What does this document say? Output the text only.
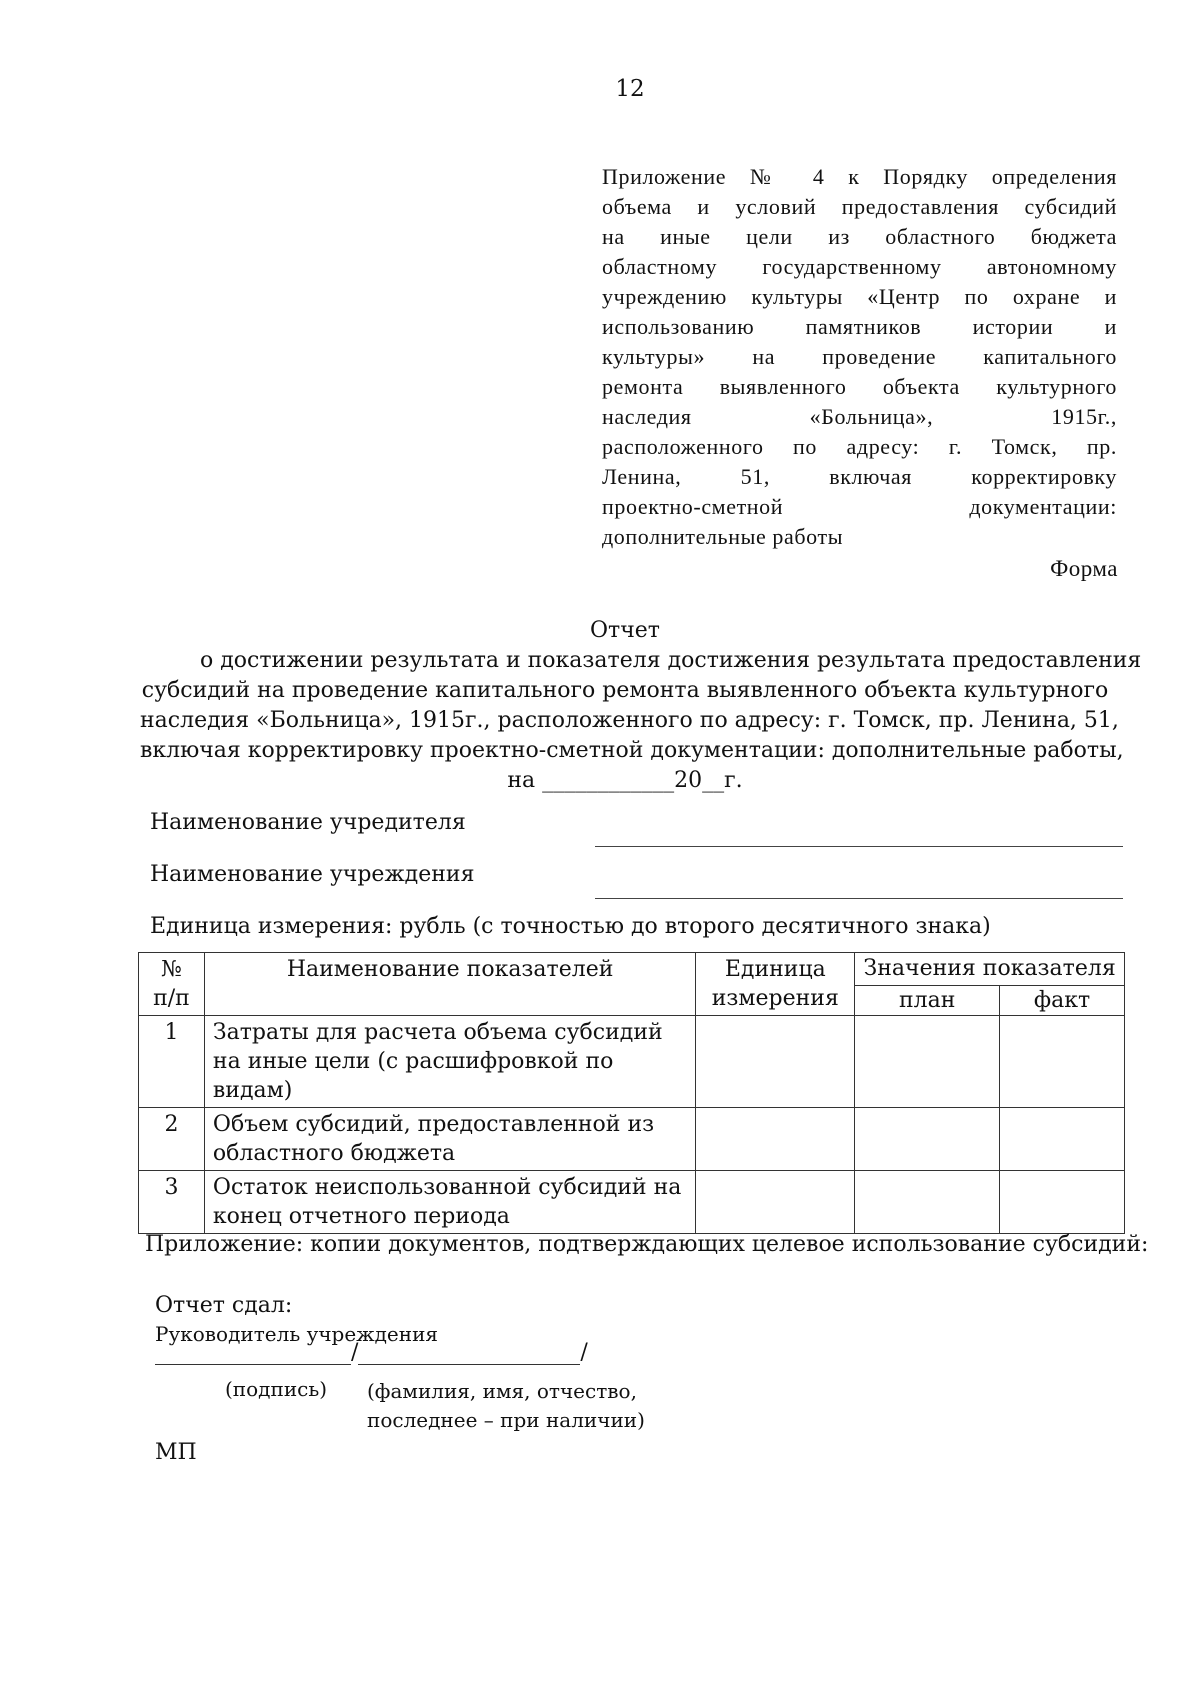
12
Приложение № 4 к Порядку определения
объема и условий предоставления субсидий
на иные цели из областного бюджета
областному государственному автономному
учреждению культуры «Центр по охране и
использованию памятников истории и
культуры» на проведение капитального
ремонта выявленного объекта культурного
наследия «Больница», 1915г.,
расположенного по адресу: г. Томск, пр.
Ленина, 51, включая корректировку
проектно-сметной документации:
дополнительные работы
Форма
Отчет
о достижении результата и показателя достижения результата предоставления
субсидий на проведение капитального ремонта выявленного объекта культурного
наследия «Больница», 1915г., расположенного по адресу: г. Томск, пр. Ленина, 51,
включая корректировку проектно-сметной документации: дополнительные работы,
на ____________20__г.
Наименование учредителя
Наименование учреждения
Единица измерения: рубль (с точностью до второго десятичного знака)
№ п/п	Наименование показателей	Единица измерения	Значения показателя	
			план	факт
1	Затраты для расчета объема субсидий на иные цели (с расшифровкой по видам)			
2	Объем субсидий, предоставленной из областного бюджета			
3	Остаток неиспользованной субсидий на конец отчетного периода			
Приложение: копии документов, подтверждающих целевое использование субсидий:
Отчет сдал:
Руководитель учреждения
/	/
(подпись) (фамилия, имя, отчество,
последнее – при наличии)
МП
